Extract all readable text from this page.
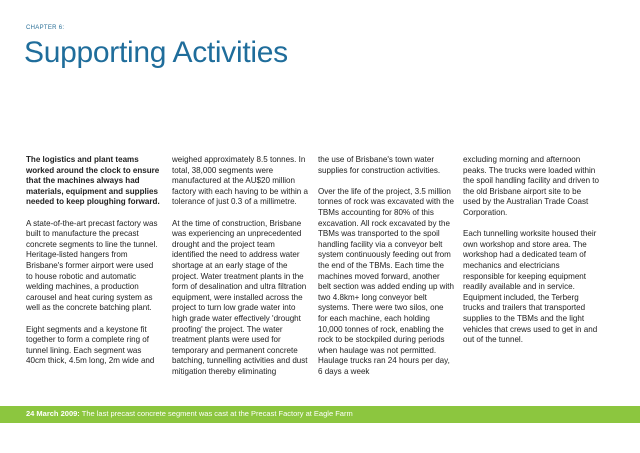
CHAPTER 6:
Supporting Activities

The logistics and plant teams worked around the clock to ensure that the machines always had materials, equipment and supplies needed to keep ploughing forward.

A state-of-the-art precast factory was built to manufacture the precast concrete segments to line the tunnel. Heritage-listed hangers from Brisbane's former airport were used to house robotic and automatic welding machines, a production carousel and heat curing system as well as the concrete batching plant.

Eight segments and a keystone fit together to form a complete ring of tunnel lining. Each segment was 40cm thick, 4.5m long, 2m wide and

weighed approximately 8.5 tonnes. In total, 38,000 segments were manufactured at the AU$20 million factory with each having to be within a tolerance of just 0.3 of a millimetre.

At the time of construction, Brisbane was experiencing an unprecedented drought and the project team identified the need to address water shortage at an early stage of the project. Water treatment plants in the form of desalination and ultra filtration equipment, were installed across the project to turn low grade water into high grade water effectively 'drought proofing' the project. The water treatment plants were used for temporary and permanent concrete batching, tunnelling activities and dust mitigation thereby eliminating

the use of Brisbane's town water supplies for construction activities.

Over the life of the project, 3.5 million tonnes of rock was excavated with the TBMs accounting for 80% of this excavation. All rock excavated by the TBMs was transported to the spoil handling facility via a conveyor belt system continuously feeding out from the end of the TBMs. Each time the machines moved forward, another belt section was added ending up with two 4.8km+ long conveyor belt systems. There were two silos, one for each machine, each holding 10,000 tonnes of rock, enabling the rock to be stockpiled during periods when haulage was not permitted. Haulage trucks ran 24 hours per day, 6 days a week

excluding morning and afternoon peaks. The trucks were loaded within the spoil handling facility and driven to the old Brisbane airport site to be used by the Australian Trade Coast Corporation.

Each tunnelling worksite housed their own workshop and store area. The workshop had a dedicated team of mechanics and electricians responsible for keeping equipment readily available and in service. Equipment included, the Terberg trucks and trailers that transported supplies to the TBMs and the light vehicles that crews used to get in and out of the tunnel.

24 March 2009: The last precast concrete segment was cast at the Precast Factory at Eagle Farm
